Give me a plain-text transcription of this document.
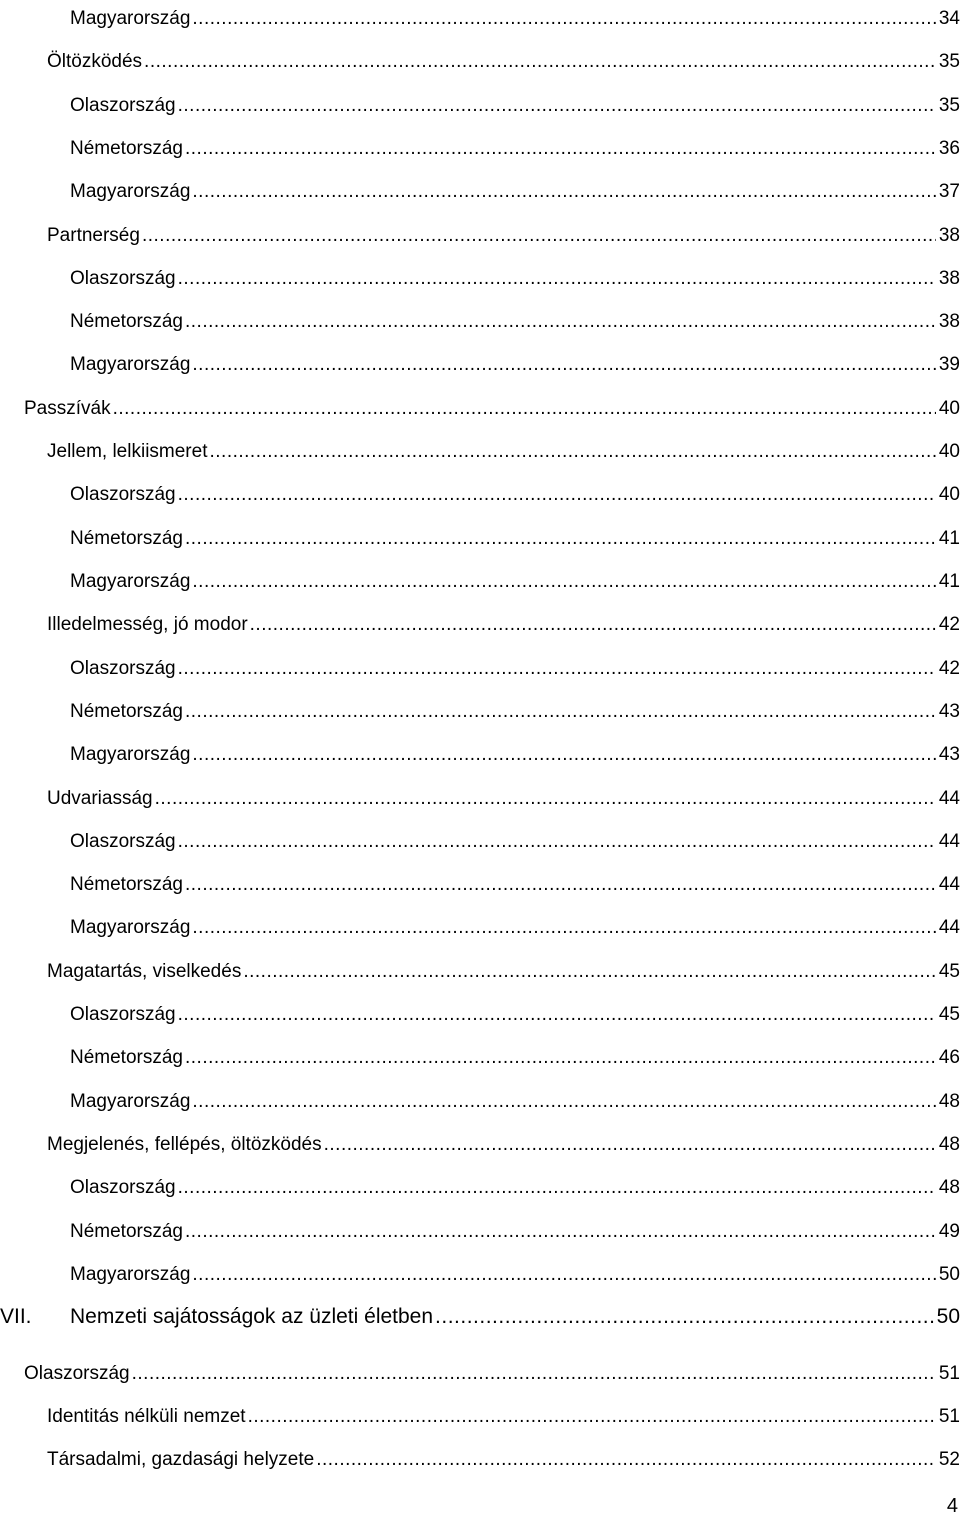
Magyarország .....	34
Öltözködés .....	35
Olaszország .....	35
Németország .....	36
Magyarország .....	37
Partnerség .....	38
Olaszország .....	38
Németország .....	38
Magyarország .....	39
Passzívák .....	40
Jellem, lelkiismeret .....	40
Olaszország .....	40
Németország .....	41
Magyarország .....	41
Illedelmesség, jó modor .....	42
Olaszország .....	42
Németország .....	43
Magyarország .....	43
Udvariasság .....	44
Olaszország .....	44
Németország .....	44
Magyarország .....	44
Magatartás, viselkedés .....	45
Olaszország .....	45
Németország .....	46
Magyarország .....	48
Megjelenés, fellépés, öltözködés .....	48
Olaszország .....	48
Németország .....	49
Magyarország .....	50
VII.	Nemzeti sajátosságok az üzleti életben .....	50
Olaszország .....	51
Identitás nélküli nemzet .....	51
Társadalmi, gazdasági helyzete .....	52
4
